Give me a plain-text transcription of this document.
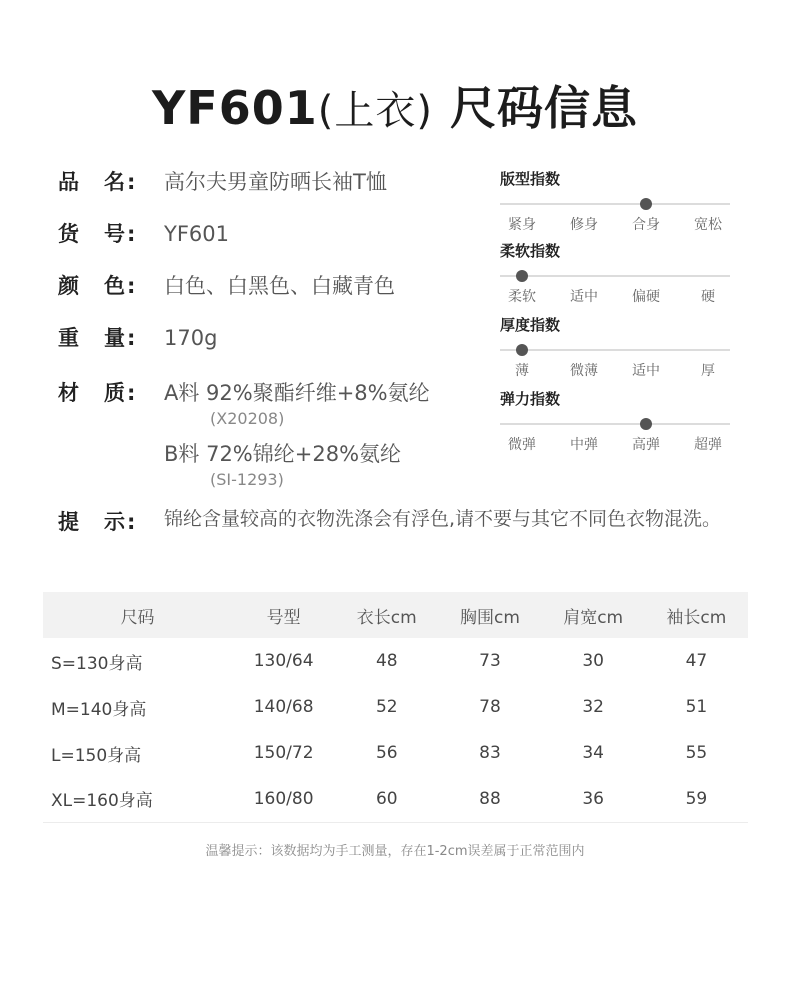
YF601(上衣) 尺码信息
品　名:	高尔夫男童防晒长袖T恤
货　号:	YF601
颜　色:	白色、白黑色、白藏青色
重　量:	170g
材　质:	A料 92%聚酯纤维+8%氨纶
(X20208)
B料 72%锦纶+28%氨纶
(SI-1293)
提　示:	锦纶含量较高的衣物洗涤会有浮色,请不要与其它不同色衣物混洗。
版型指数
紧身	修身	合身	宽松
柔软指数
柔软	适中	偏硬	硬
厚度指数
薄	微薄	适中	厚
弹力指数
微弹	中弹	高弹	超弹
尺码	号型	衣长cm	胸围cm	肩宽cm	袖长cm
S=130身高	130/64	48	73	30	47
M=140身高	140/68	52	78	32	51
L=150身高	150/72	56	83	34	55
XL=160身高	160/80	60	88	36	59
温馨提示：该数据均为手工测量，存在1-2cm误差属于正常范围内
